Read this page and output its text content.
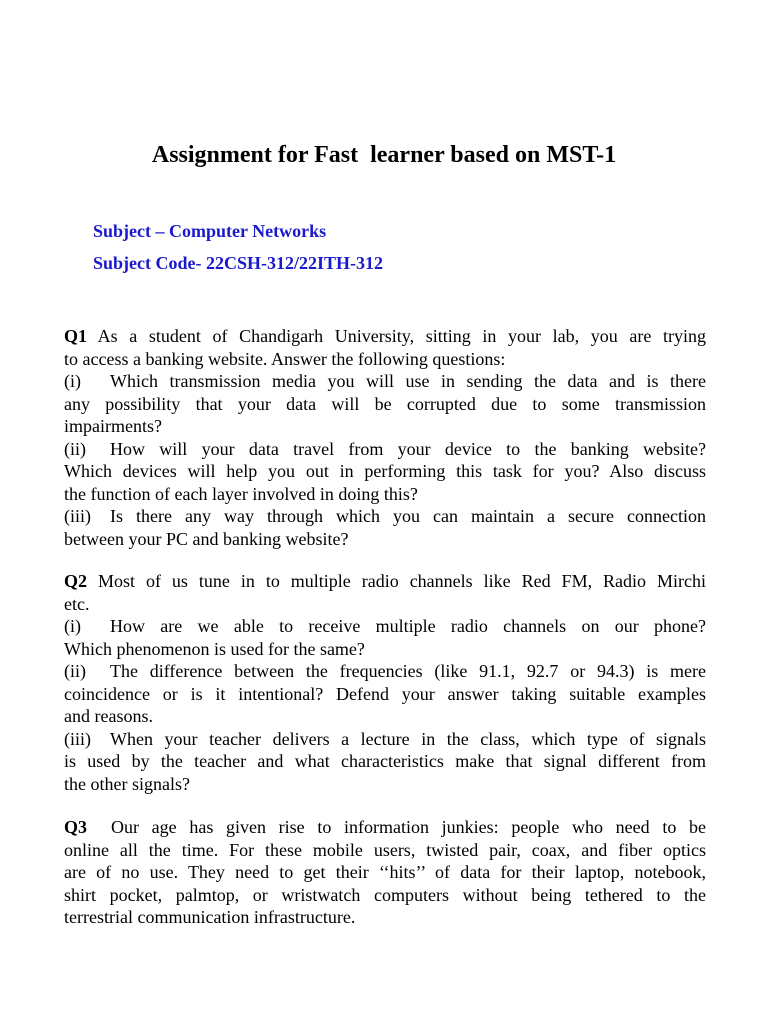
Assignment for Fast  learner based on MST-1
Subject – Computer Networks
Subject Code- 22CSH-312/22ITH-312
Q1 As a student of Chandigarh University, sitting in your lab, you are trying
to access a banking website. Answer the following questions:
(i) Which transmission media you will use in sending the data and is there
any possibility that your data will be corrupted due to some transmission
impairments?
(ii) How will your data travel from your device to the banking website?
Which devices will help you out in performing this task for you? Also discuss
the function of each layer involved in doing this?
(iii) Is there any way through which you can maintain a secure connection
between your PC and banking website?
Q2 Most of us tune in to multiple radio channels like Red FM, Radio Mirchi
etc.
(i) How are we able to receive multiple radio channels on our phone?
Which phenomenon is used for the same?
(ii) The difference between the frequencies (like 91.1, 92.7 or 94.3) is mere
coincidence or is it intentional? Defend your answer taking suitable examples
and reasons.
(iii) When your teacher delivers a lecture in the class, which type of signals
is used by the teacher and what characteristics make that signal different from
the other signals?
Q3 Our age has given rise to information junkies: people who need to be
online all the time. For these mobile users, twisted pair, coax, and fiber optics
are of no use. They need to get their ‘‘hits’’ of data for their laptop, notebook,
shirt pocket, palmtop, or wristwatch computers without being tethered to the
terrestrial communication infrastructure.
